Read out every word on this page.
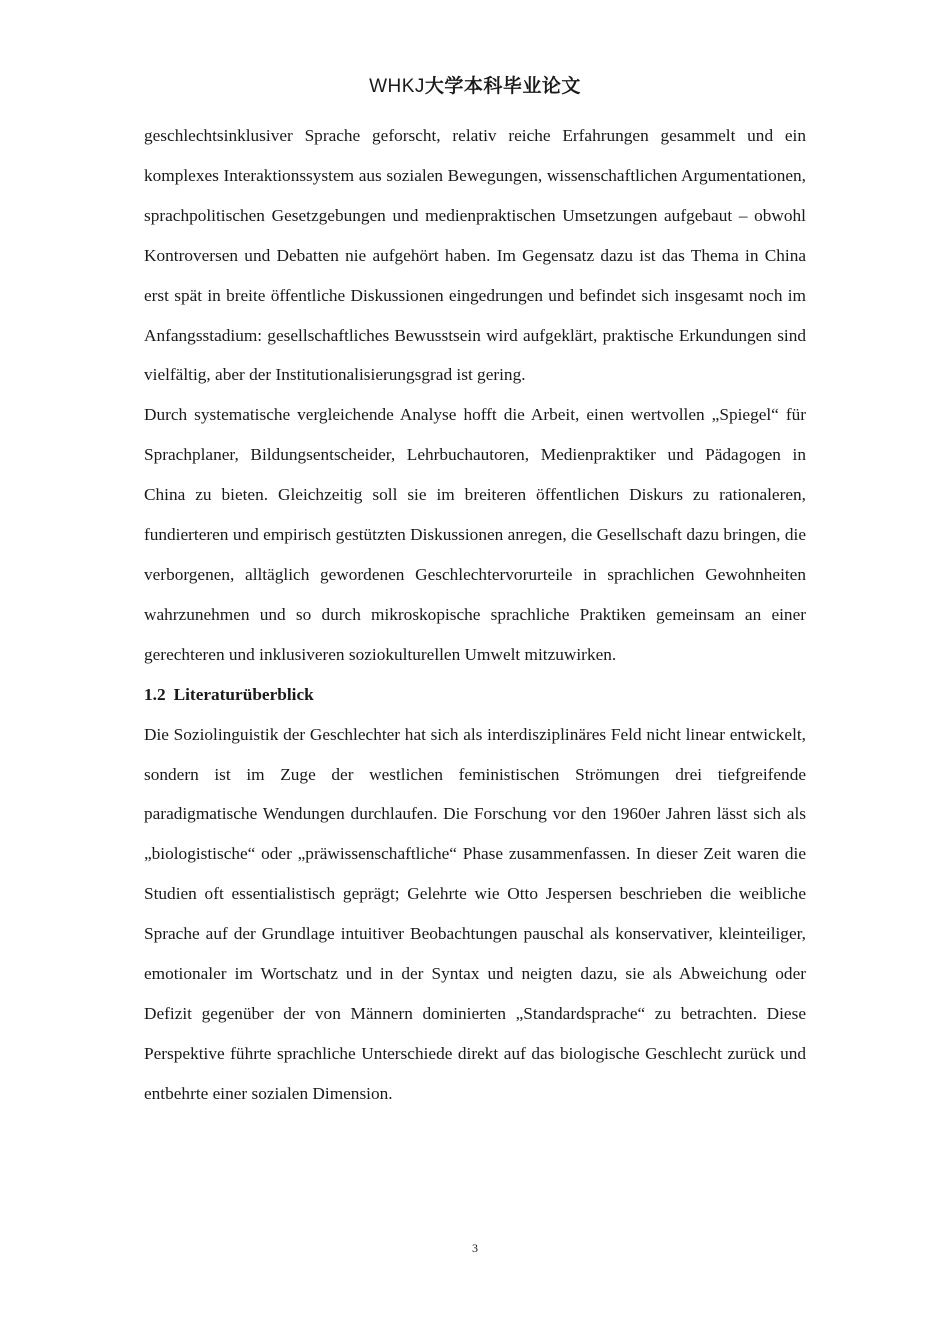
WHKJ大学本科毕业论文

geschlechtsinklusiver Sprache geforscht, relativ reiche Erfahrungen gesammelt und ein komplexes Interaktionssystem aus sozialen Bewegungen, wissenschaftlichen Argumentationen, sprachpolitischen Gesetzgebungen und medienpraktischen Umsetzungen aufgebaut – obwohl Kontroversen und Debatten nie aufgehört haben. Im Gegensatz dazu ist das Thema in China erst spät in breite öffentliche Diskussionen eingedrungen und befindet sich insgesamt noch im Anfangsstadium: gesellschaftliches Bewusstsein wird aufgeklärt, praktische Erkundungen sind vielfältig, aber der Institutionalisierungsgrad ist gering.

Durch systematische vergleichende Analyse hofft die Arbeit, einen wertvollen „Spiegel“ für Sprachplaner, Bildungsentscheider, Lehrbuchautoren, Medienpraktiker und Pädagogen in China zu bieten. Gleichzeitig soll sie im breiteren öffentlichen Diskurs zu rationaleren, fundierteren und empirisch gestützten Diskussionen anregen, die Gesellschaft dazu bringen, die verborgenen, alltäglich gewordenen Geschlechtervorurteile in sprachlichen Gewohnheiten wahrzunehmen und so durch mikroskopische sprachliche Praktiken gemeinsam an einer gerechteren und inklusiveren soziokulturellen Umwelt mitzuwirken.

1.2 Literaturüberblick

Die Soziolinguistik der Geschlechter hat sich als interdisziplinäres Feld nicht linear entwickelt, sondern ist im Zuge der westlichen feministischen Strömungen drei tiefgreifende paradigmatische Wendungen durchlaufen. Die Forschung vor den 1960er Jahren lässt sich als „biologistische“ oder „präwissenschaftliche“ Phase zusammenfassen. In dieser Zeit waren die Studien oft essentialistisch geprägt; Gelehrte wie Otto Jespersen beschrieben die weibliche Sprache auf der Grundlage intuitiver Beobachtungen pauschal als konservativer, kleinteiliger, emotionaler im Wortschatz und in der Syntax und neigten dazu, sie als Abweichung oder Defizit gegenüber der von Männern dominierten „Standardsprache“ zu betrachten. Diese Perspektive führte sprachliche Unterschiede direkt auf das biologische Geschlecht zurück und entbehrte einer sozialen Dimension.

3
